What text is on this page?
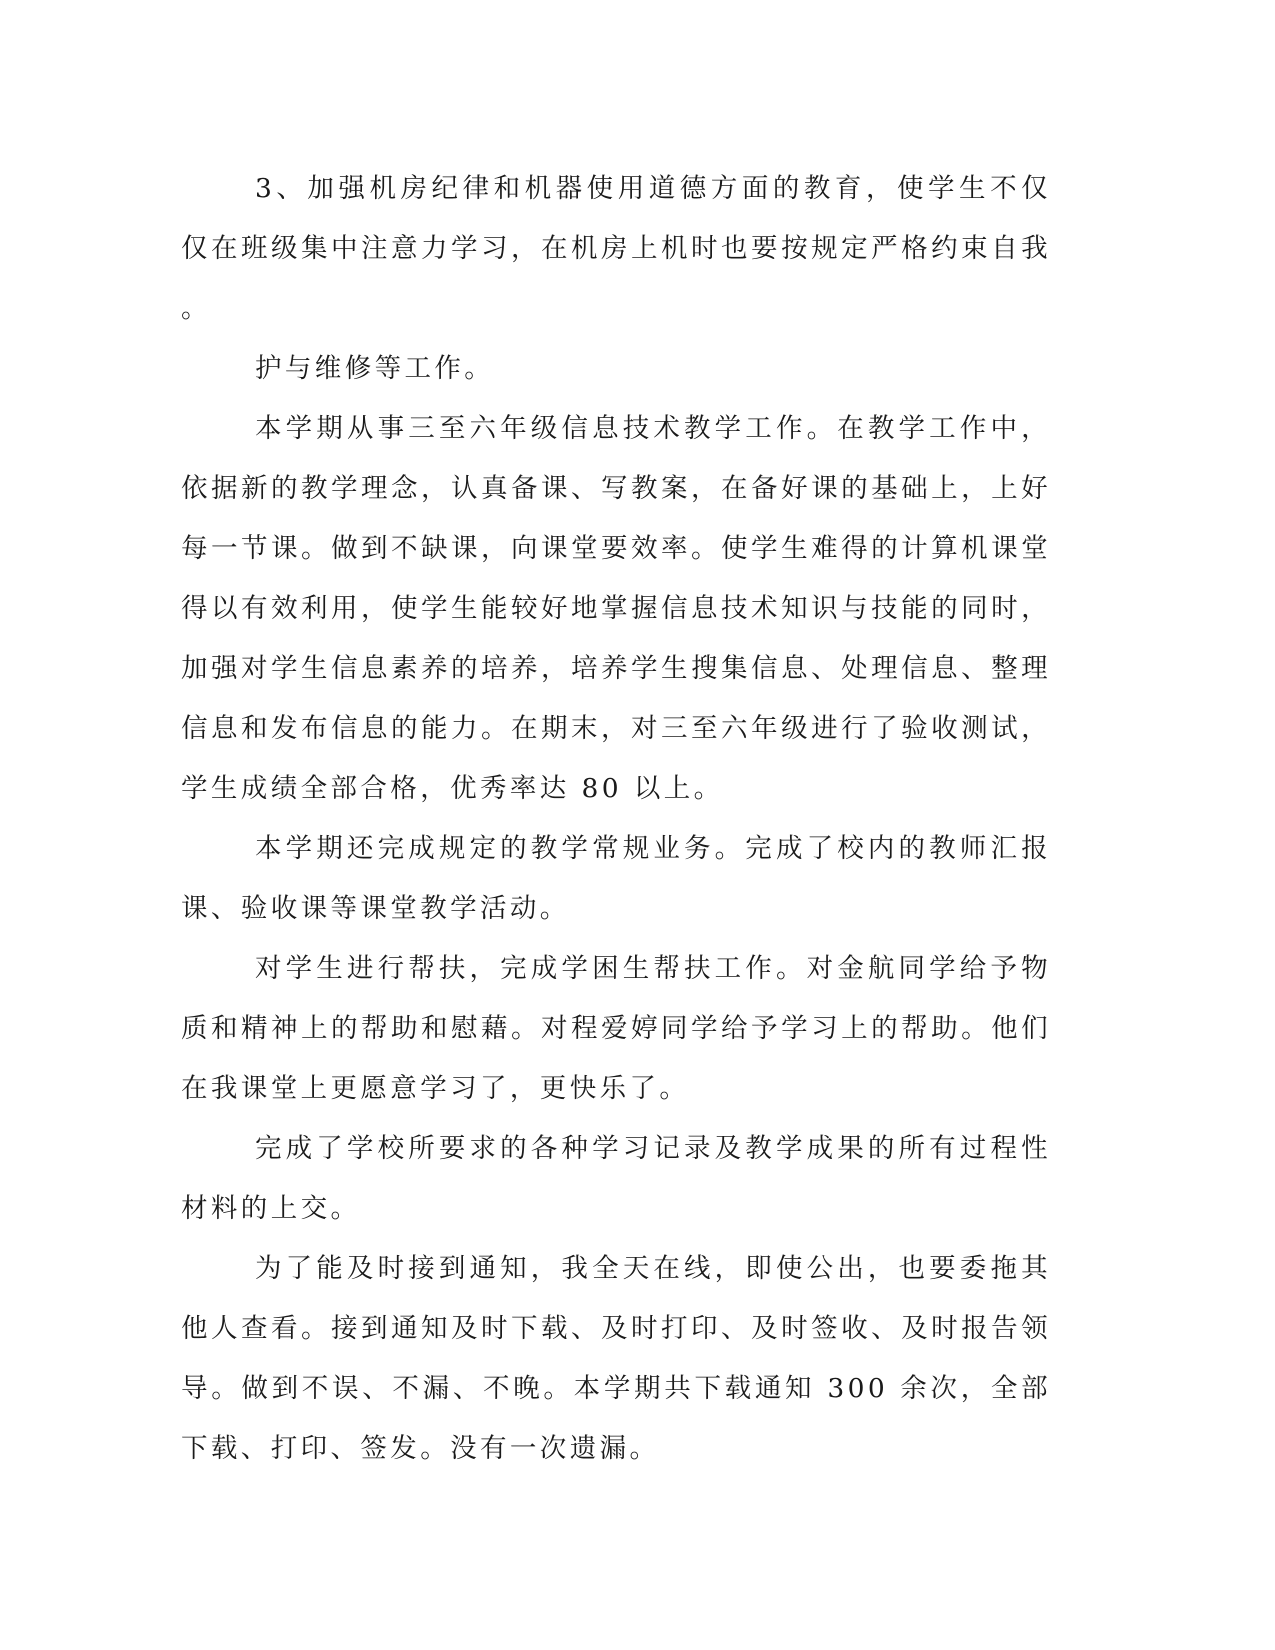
3、加强机房纪律和机器使用道德方面的教育，使学生不仅仅在班级集中注意力学习，在机房上机时也要按规定严格约束自我。

护与维修等工作。

本学期从事三至六年级信息技术教学工作。在教学工作中，依据新的教学理念，认真备课、写教案，在备好课的基础上，上好每一节课。做到不缺课，向课堂要效率。使学生难得的计算机课堂得以有效利用，使学生能较好地掌握信息技术知识与技能的同时，加强对学生信息素养的培养，培养学生搜集信息、处理信息、整理信息和发布信息的能力。在期末，对三至六年级进行了验收测试，学生成绩全部合格，优秀率达 80 以上。

本学期还完成规定的教学常规业务。完成了校内的教师汇报课、验收课等课堂教学活动。

对学生进行帮扶，完成学困生帮扶工作。对金航同学给予物质和精神上的帮助和慰藉。对程爱婷同学给予学习上的帮助。他们在我课堂上更愿意学习了，更快乐了。

完成了学校所要求的各种学习记录及教学成果的所有过程性材料的上交。

为了能及时接到通知，我全天在线，即使公出，也要委拖其他人查看。接到通知及时下载、及时打印、及时签收、及时报告领导。做到不误、不漏、不晚。本学期共下载通知 300 余次，全部下载、打印、签发。没有一次遗漏。
